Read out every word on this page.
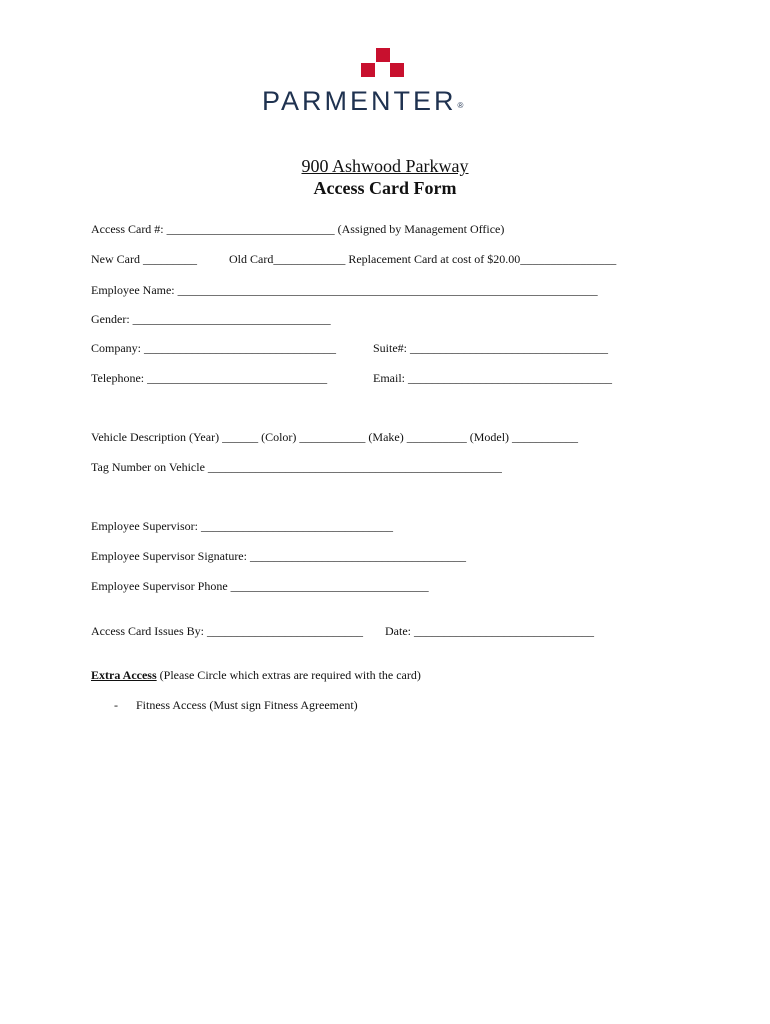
PARMENTER®
900 Ashwood Parkway
Access Card Form
Access Card #: ____________________________ (Assigned by Management Office)
New Card _________	Old Card____________ Replacement Card at cost of $20.00________________
Employee Name: ______________________________________________________________________
Gender: _________________________________
Company: ________________________________	Suite#: _________________________________
Telephone: ______________________________	Email: __________________________________
Vehicle Description (Year) ______ (Color) ___________ (Make) __________ (Model) ___________
Tag Number on Vehicle _________________________________________________
Employee Supervisor: ________________________________
Employee Supervisor Signature: ____________________________________
Employee Supervisor Phone _________________________________
Access Card Issues By: __________________________ Date: ______________________________
Extra Access (Please Circle which extras are required with the card)
- Fitness Access (Must sign Fitness Agreement)
